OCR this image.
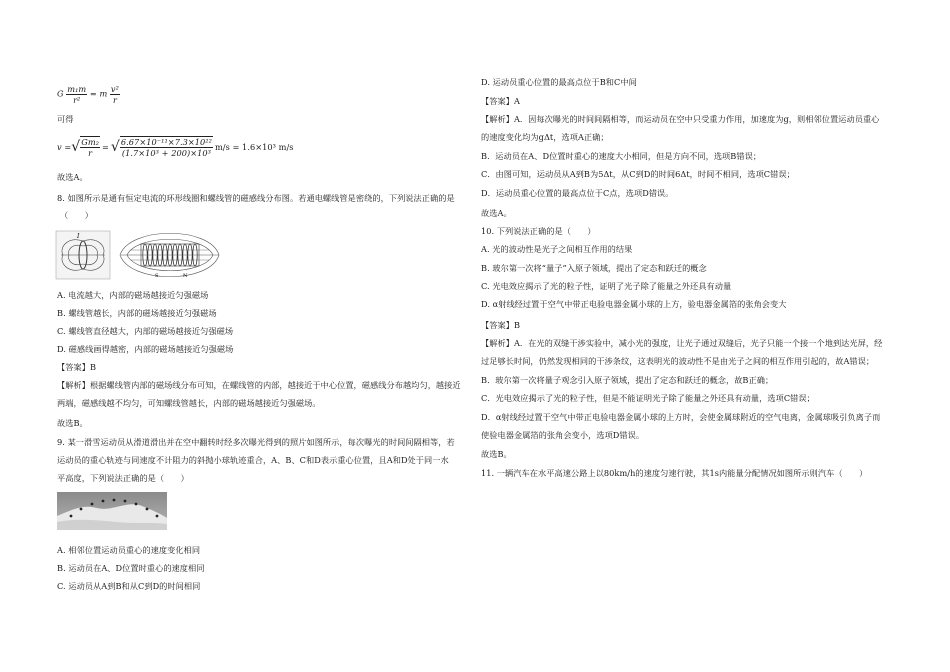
G $\frac{\text{m₁m}}{\text{r²}} = m \frac{\text{v²}}{r}$
可得
v = √ $\frac{\text{Gm₂}}{r}$ = √ $\frac{\text{6.67×10⁻¹¹×7.3×10²²}}{\text{(1.7×10³ + 200)×10³}} m/s = 1.6\times 10^3$ m/s
故选A。
8. 如图所示是通有恒定电流的环形线圈和螺线管的磁感线分布图。若通电螺线管是密绕的，下列说法正确的是
（　　）
I
S	N
A. 电流越大，内部的磁场越接近匀强磁场
B. 螺线管越长，内部的磁场越接近匀强磁场
C. 螺线管直径越大，内部的磁场越接近匀强磁场
D. 磁感线画得越密，内部的磁场越接近匀强磁场
【答案】B
【解析】根据螺线管内部的磁场线分布可知，在螺线管的内部，越接近于中心位置，磁感线分布越均匀，越接近
两端，磁感线越不均匀，可知螺线管越长，内部的磁场越接近匀强磁场。
故选B。
9. 某一滑雪运动员从滑道滑出并在空中翻转时经多次曝光得到的照片如图所示，每次曝光的时间间隔相等，若
运动员的重心轨迹与同速度不计阻力的斜抛小球轨迹重合，A、B、C和D表示重心位置，且A和D处于同一水
平高度，下列说法正确的是（　　）
A. 相邻位置运动员重心的速度变化相同
B. 运动员在A、D位置时重心的速度相同
C. 运动员从A到B和从C到D的时间相同
D. 运动员重心位置的最高点位于B和C中间
【答案】A
【解析】A．因每次曝光的时间间隔相等，而运动员在空中只受重力作用，加速度为g，则相邻位置运动员重心
的速度变化均为gΔt，选项A正确；
B．运动员在A、D位置时重心的速度大小相同，但是方向不同，选项B错误；
C．由图可知，运动员从A到B为5Δt，从C到D的时间6Δt，时间不相同，选项C错误；
D．运动员重心位置的最高点位于C点，选项D错误。
故选A。
10. 下列说法正确的是（　　）
A. 光的波动性是光子之间相互作用的结果
B. 玻尔第一次将“量子”入原子领域，提出了定态和跃迁的概念
C. 光电效应揭示了光的粒子性，证明了光子除了能量之外还具有动量
D. α射线经过置于空气中带正电验电器金属小球的上方，验电器金属箔的张角会变大
【答案】B
【解析】A．在光的双缝干涉实验中，减小光的强度，让光子通过双缝后，光子只能一个接一个地到达光屏，经
过足够长时间，仍然发现相同的干涉条纹，这表明光的波动性不是由光子之间的相互作用引起的，故A错误；
B．玻尔第一次将量子观念引入原子领域，提出了定态和跃迁的概念，故B正确；
C．光电效应揭示了光的粒子性，但是不能证明光子除了能量之外还具有动量，选项C错误；
D．α射线经过置于空气中带正电验电器金属小球的上方时，会使金属球附近的空气电离，金属球吸引负离子而
使验电器金属箔的张角会变小，选项D错误。
故选B。
11. 一辆汽车在水平高速公路上以80km/h的速度匀速行驶，其1s内能量分配情况如图所示则汽车（　　）
